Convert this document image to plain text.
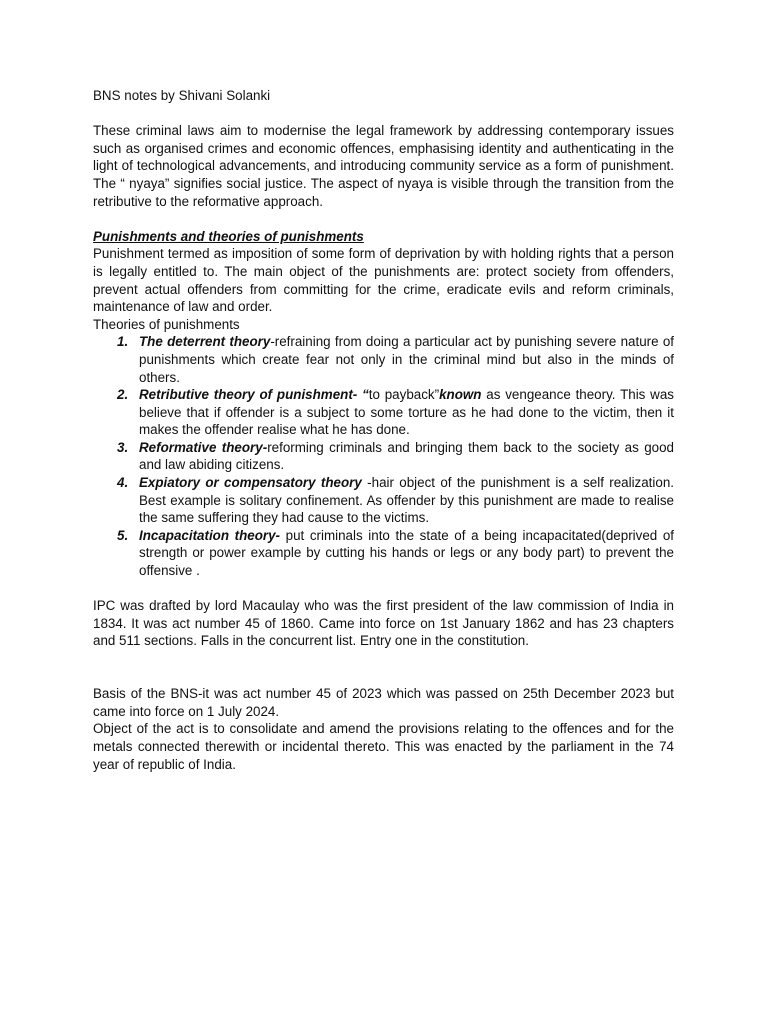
BNS notes by Shivani Solanki

These criminal laws aim to modernise the legal framework by addressing contemporary issues such as organised crimes and economic offences, emphasising identity and authenticating in the light of technological advancements, and introducing community service as a form of punishment. The “ nyaya” signifies social justice. The aspect of nyaya is visible through the transition from the retributive to the reformative approach.

Punishments and theories of punishments

Punishment termed as imposition of some form of deprivation by with holding rights that a person is legally entitled to. The main object of the punishments are: protect society from offenders, prevent actual offenders from committing for the crime, eradicate evils and reform criminals, maintenance of law and order.

Theories of punishments

1. The deterrent theory-refraining from doing a particular act by punishing severe nature of punishments which create fear not only in the criminal mind but also in the minds of others.
2. Retributive theory of punishment- “to payback”known as vengeance theory. This was believe that if offender is a subject to some torture as he had done to the victim, then it makes the offender realise what he has done.
3. Reformative theory-reforming criminals and bringing them back to the society as good and law abiding citizens.
4. Expiatory or compensatory theory -hair object of the punishment is a self realization. Best example is solitary confinement. As offender by this punishment are made to realise the same suffering they had cause to the victims.
5. Incapacitation theory- put criminals into the state of a being incapacitated(deprived of strength or power example by cutting his hands or legs or any body part) to prevent the offensive .

IPC was drafted by lord Macaulay who was the first president of the law commission of India in 1834. It was act number 45 of 1860. Came into force on 1st January 1862 and has 23 chapters and 511 sections. Falls in the concurrent list. Entry one in the constitution.

Basis of the BNS-it was act number 45 of 2023 which was passed on 25th December 2023 but came into force on 1 July 2024.

Object of the act is to consolidate and amend the provisions relating to the offences and for the metals connected therewith or incidental thereto. This was enacted by the parliament in the 74 year of republic of India.
